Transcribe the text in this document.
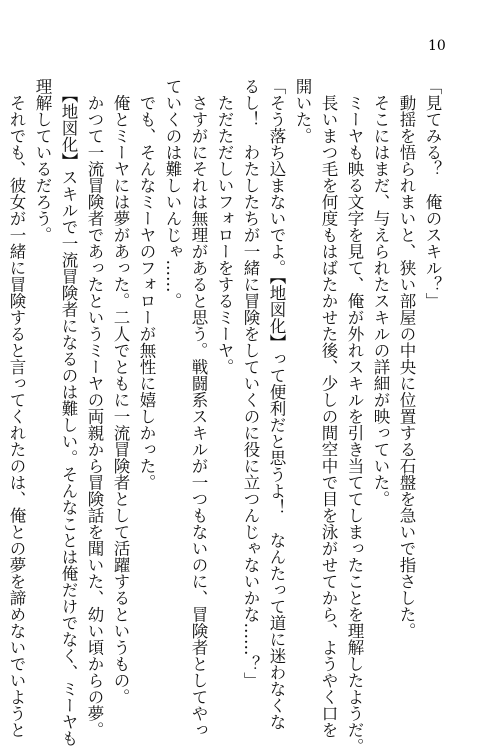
10

「見てみる？　俺のスキル？」

　動揺を悟られまいと、狭い部屋の中央に位置する石盤を急いで指さした。

　そこにはまだ、与えられたスキルの詳細が映っていた。

　ミーヤも映る文字を見て、俺が外れスキルを引き当ててしまったことを理解したようだ。

　長いまつ毛を何度もはばたかせた後、少しの間空中で目を泳がせてから、ようやく口を

開いた。

「そう落ち込まないでよ。【地図化】って便利だと思うよ！　なんたって道に迷わなくな

るし！　わたしたちが一緒に冒険をしていくのに役に立つんじゃないかな……？」

　ただただしいフォローをするミーヤ。

　さすがにそれは無理があると思う。戦闘系スキルが一つもないのに、冒険者としてやっ

ていくのは難しいんじゃ……。

　でも、そんなミーヤのフォローが無性に嬉しかった。

　俺とミーヤには夢があった。二人でともに一流冒険者として活躍するというもの。

　かつて一流冒険者であったというミーヤの両親から冒険話を聞いた、幼い頃からの夢。

　【地図化】スキルで一流冒険者になるのは難しい。そんなことは俺だけでなく、ミーヤも

理解しているだろう。

　それでも、彼女が一緒に冒険すると言ってくれたのは、俺との夢を諦めないでいようと
